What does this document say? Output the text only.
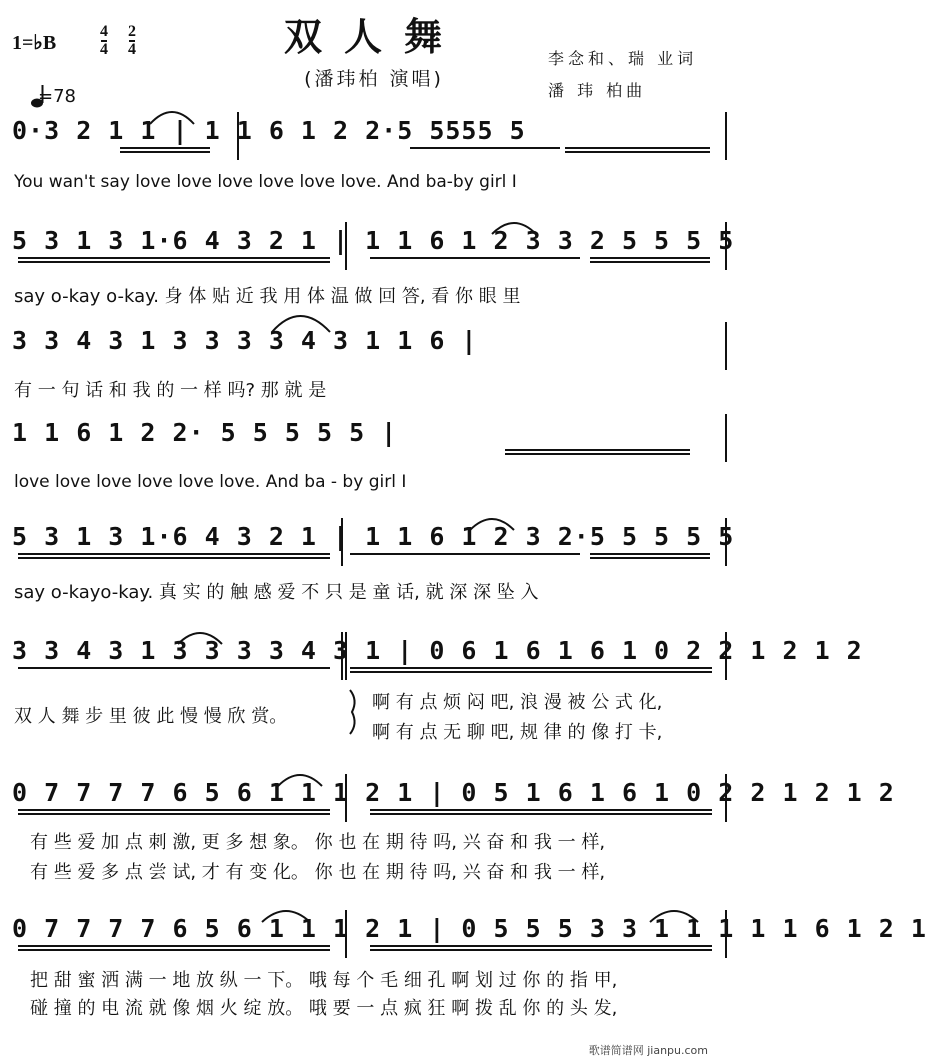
双人舞
(潘玮柏 演唱)
1=♭B
4
4
2
4
=78
李念和、瑞 业词
潘 玮 柏曲
0·3 2 1 1 | 1 1 6 1 2 2·5 5555 5
You wan't say love love love love love love. And ba-by girl I
5 3 1 3 1·6 4 3 2 1 | 1 1 6 1 2 3 3 2 5 5 5 5
say o-kay o-kay. 身 体 贴 近 我 用 体 温 做 回 答, 看 你 眼 里
3 3 4 3 1 3 3 3 3 4 3 1 1 6 |
有 一 句 话 和 我 的 一 样 吗? 那 就 是
1 1 6 1 2 2· 5 5 5 5 5 |
love love love love love love. And ba - by girl I
5 3 1 3 1·6 4 3 2 1 | 1 1 6 1 2 3 2·5 5 5 5 5
say o-kayo-kay. 真 实 的 触 感 爱 不 只 是 童 话, 就 深 深 坠 入
3 3 4 3 1 3 3 3 3 4 3 1 | 0 6 1 6 1 6 1 0 2 2 1 2 1 2
双 人 舞 步 里 彼 此 慢 慢 欣 赏。
啊 有 点 烦 闷 吧, 浪 漫 被 公 式 化,
啊 有 点 无 聊 吧, 规 律 的 像 打 卡,
0 7 7 7 7 6 5 6 1 1 1 2 1 | 0 5 1 6 1 6 1 0 2 2 1 2 1 2
有 些 爱 加 点 刺 激, 更 多 想 象。 你 也 在 期 待 吗, 兴 奋 和 我 一 样,
有 些 爱 多 点 尝 试, 才 有 变 化。 你 也 在 期 待 吗, 兴 奋 和 我 一 样,
0 7 7 7 7 6 5 6 1 1 1 2 1 | 0 5 5 5 3 3 1 1 1 1 1 6 1 2 1
把 甜 蜜 洒 满 一 地 放 纵 一 下。 哦 每 个 毛 细 孔 啊 划 过 你 的 指 甲,
碰 撞 的 电 流 就 像 烟 火 绽 放。 哦 要 一 点 疯 狂 啊 拨 乱 你 的 头 发,
歌谱简谱网 jianpu.com
